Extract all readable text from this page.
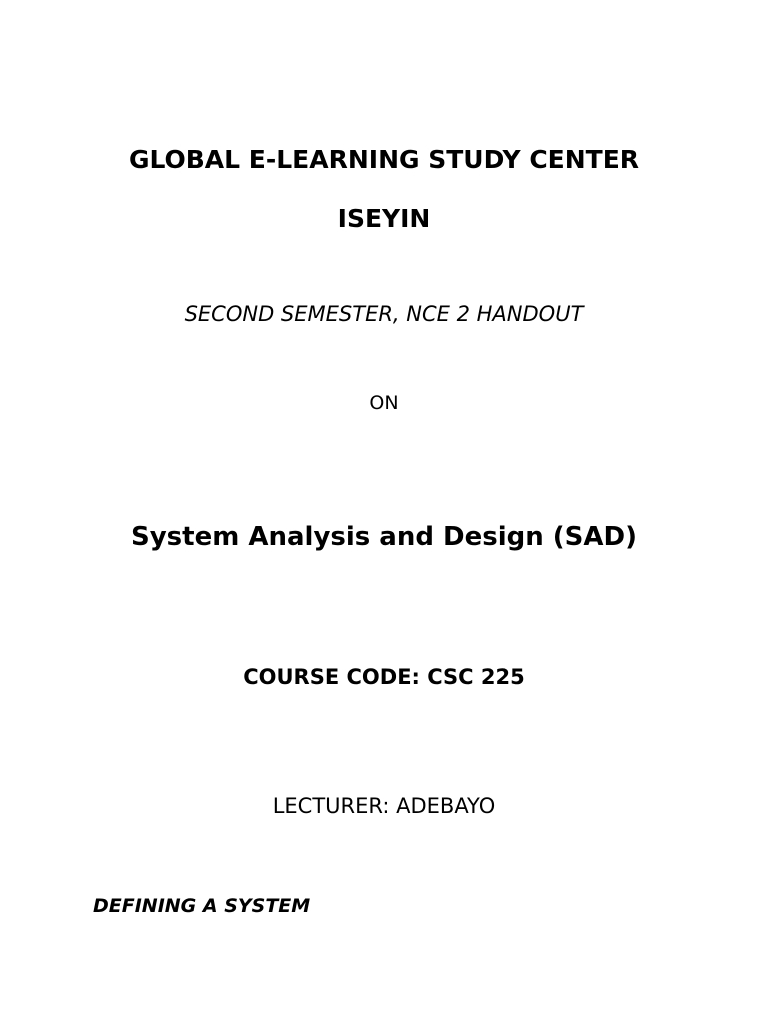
GLOBAL E-LEARNING STUDY CENTER
ISEYIN
SECOND SEMESTER, NCE 2 HANDOUT
ON
System Analysis and Design (SAD)
COURSE CODE: CSC 225
LECTURER: ADEBAYO
DEFINING A SYSTEM
